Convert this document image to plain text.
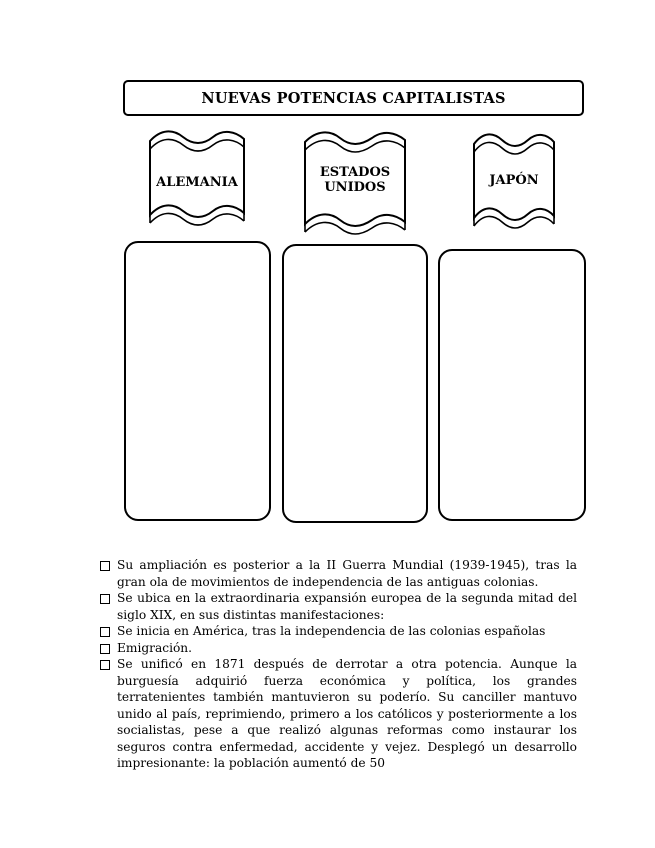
NUEVAS POTENCIAS CAPITALISTAS
ALEMANIA
ESTADOS UNIDOS	JAPÓN
Su ampliación es posterior a la II Guerra Mundial (1939-1945), tras la gran ola de movimientos de independencia de las antiguas colonias.
Se ubica en la extraordinaria expansión europea de la segunda mitad del siglo XIX, en sus distintas manifestaciones:
Se inicia en América, tras la independencia de las colonias españolas
Emigración.
Se unificó en 1871 después de derrotar a otra potencia. Aunque la burguesía adquirió fuerza económica y política, los grandes terratenientes también mantuvieron su poderío. Su canciller mantuvo unido al país, reprimiendo, primero a los católicos y posteriormente a los socialistas, pese a que realizó algunas reformas como instaurar los seguros contra enfermedad, accidente y vejez. Desplegó un desarrollo impresionante: la población aumentó de 50
